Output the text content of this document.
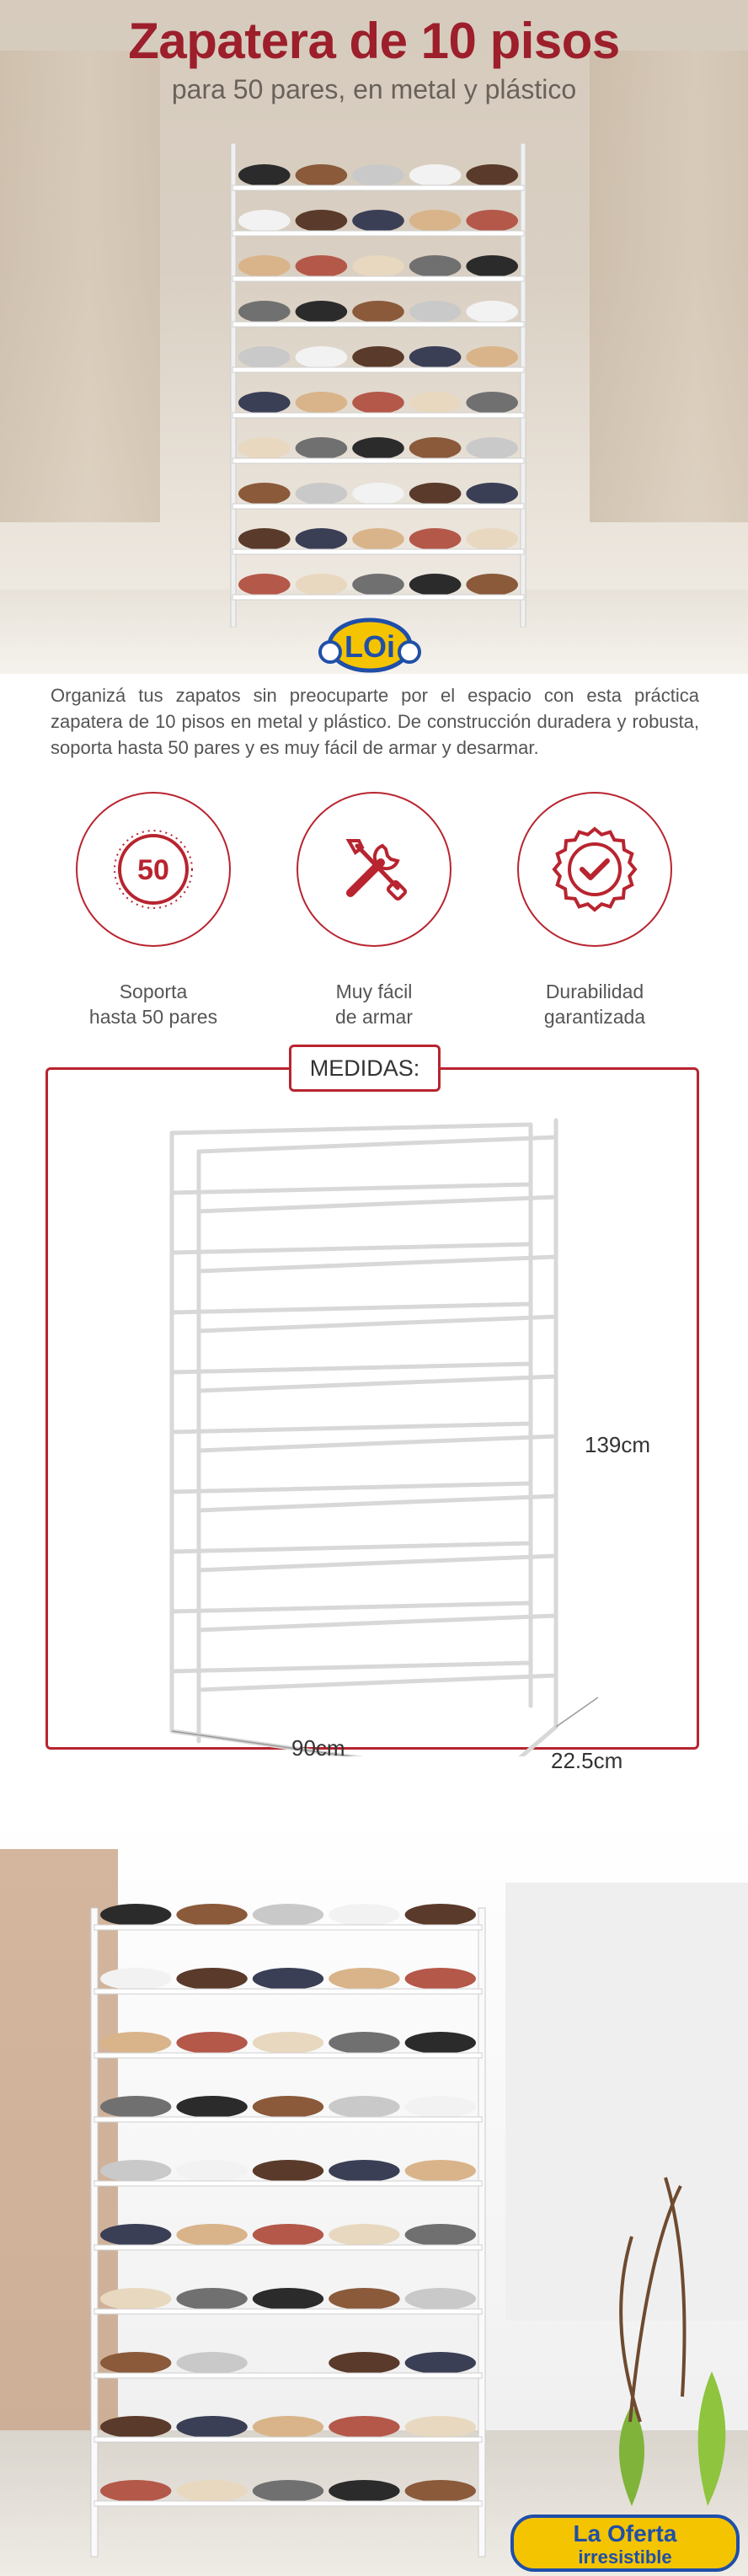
Zapatera de 10 pisos
para 50 pares, en metal y plástico
LOi
Organizá tus zapatos sin preocuparte por el espacio con esta práctica zapatera de 10 pisos en metal y plástico. De construcción duradera y robusta, soporta hasta 50 pares y es muy fácil de armar y desarmar.
50
Soporta
hasta 50 pares
Muy fácil
de armar
Durabilidad
garantizada
MEDIDAS:
139cm
90cm	22.5cm
La Oferta
irresistible
